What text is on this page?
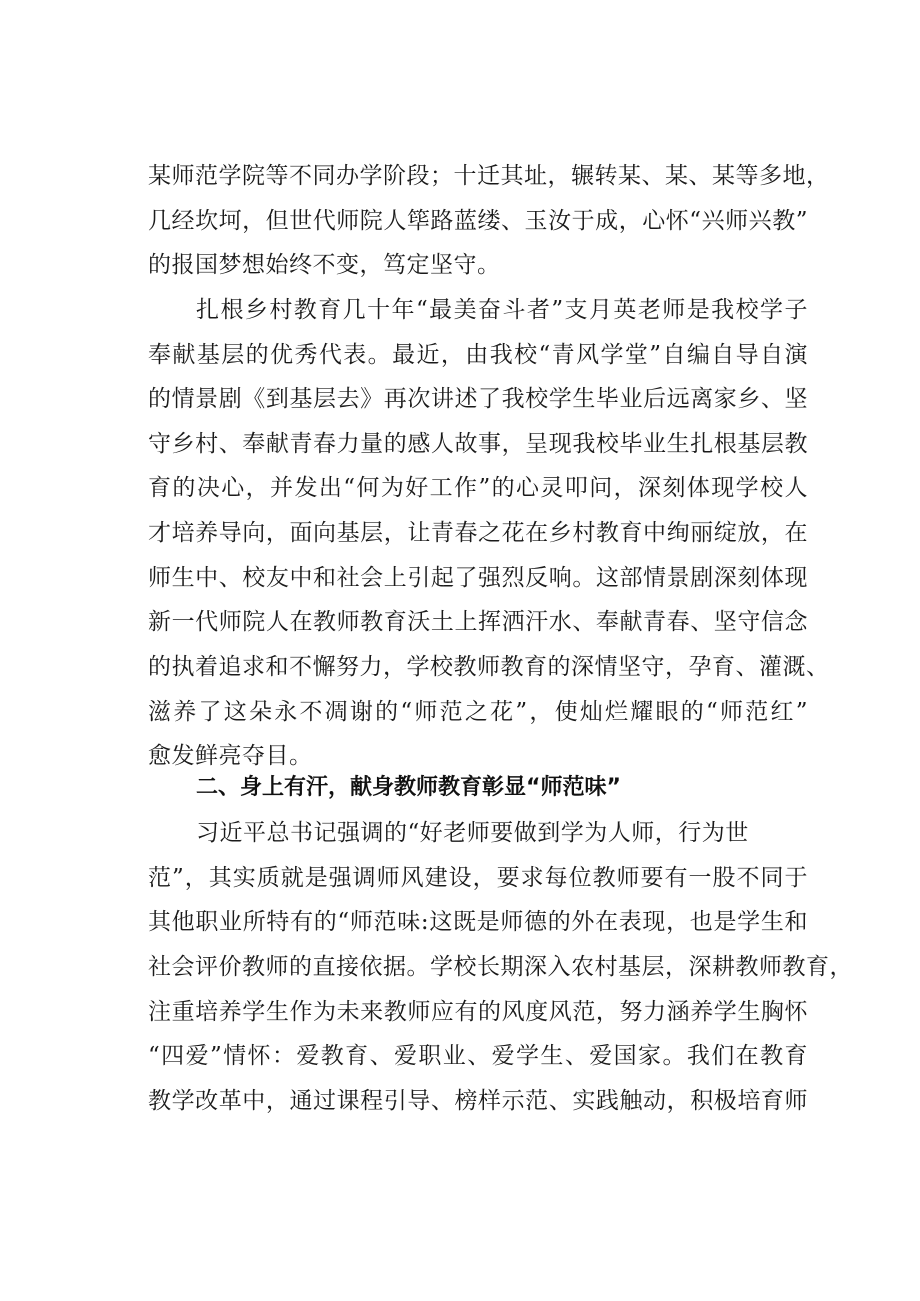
某师范学院等不同办学阶段；十迁其址，辗转某、某、某等多地，
几经坎坷，但世代师院人筚路蓝缕、玉汝于成，心怀“兴师兴教”
的报国梦想始终不变，笃定坚守。
扎根乡村教育几十年“最美奋斗者”支月英老师是我校学子
奉献基层的优秀代表。最近，由我校“青风学堂”自编自导自演
的情景剧《到基层去》再次讲述了我校学生毕业后远离家乡、坚
守乡村、奉献青春力量的感人故事，呈现我校毕业生扎根基层教
育的决心，并发出“何为好工作”的心灵叩问，深刻体现学校人
才培养导向，面向基层，让青春之花在乡村教育中绚丽绽放，在
师生中、校友中和社会上引起了强烈反响。这部情景剧深刻体现
新一代师院人在教师教育沃土上挥洒汗水、奉献青春、坚守信念
的执着追求和不懈努力，学校教师教育的深情坚守，孕育、灌溉、
滋养了这朵永不凋谢的“师范之花”，使灿烂耀眼的“师范红”
愈发鲜亮夺目。
二、身上有汗，献身教师教育彰显“师范味”
习近平总书记强调的“好老师要做到学为人师，行为世
范”，其实质就是强调师风建设，要求每位教师要有一股不同于
其他职业所特有的“师范味:这既是师德的外在表现，也是学生和
社会评价教师的直接依据。学校长期深入农村基层，深耕教师教育，
注重培养学生作为未来教师应有的风度风范，努力涵养学生胸怀
“四爱”情怀：爱教育、爱职业、爱学生、爱国家。我们在教育
教学改革中，通过课程引导、榜样示范、实践触动，积极培育师
